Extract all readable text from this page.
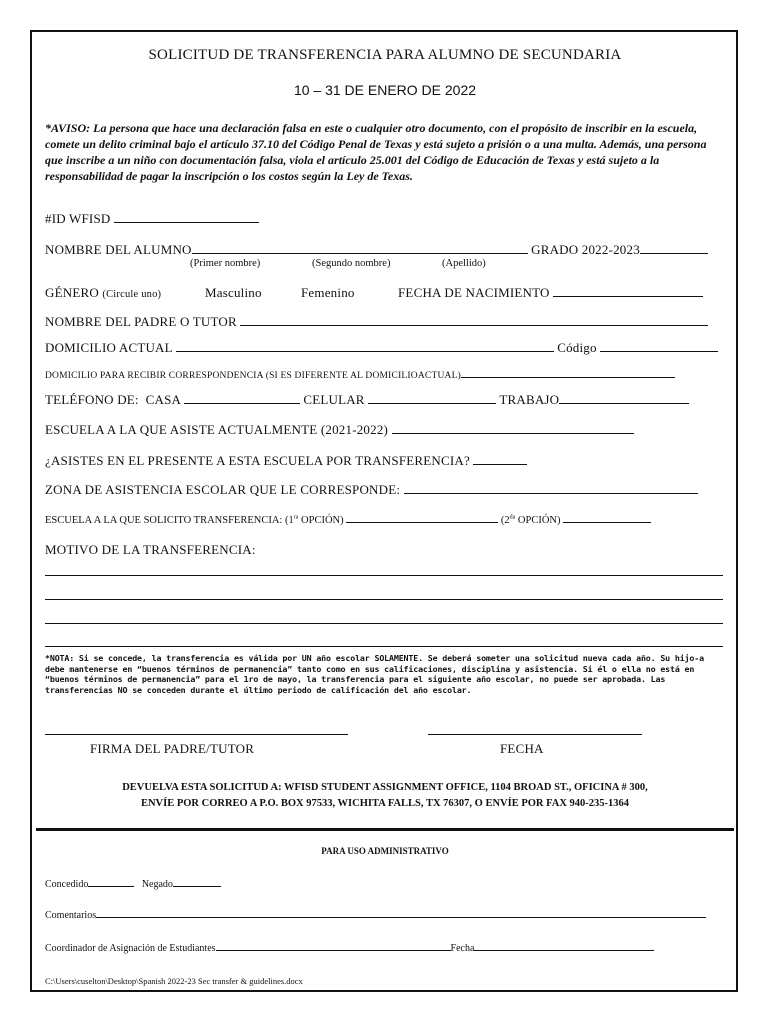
SOLICITUD DE TRANSFERENCIA PARA ALUMNO DE SECUNDARIA
10 – 31 DE ENERO DE 2022
*AVISO: La persona que hace una declaración falsa en este o cualquier otro documento, con el propósito de inscribir en la escuela, comete un delito criminal bajo el artículo 37.10 del Código Penal de Texas y está sujeto a prisión o a una multa. Además, una persona que inscribe a un niño con documentación falsa, viola el artículo 25.001 del Código de Educación de Texas y está sujeto a la responsabilidad de pagar la inscripción o los costos según la Ley de Texas.
#ID WFISD
NOMBRE DEL ALUMNO	GRADO 2022-2023
(Primer nombre)	(Segundo nombre)	(Apellido)
GÉNERO (Circule uno)	Masculino	Femenino	FECHA DE NACIMIENTO
NOMBRE DEL PADRE O TUTOR
DOMICILIO ACTUAL	Código
DOMICILIO PARA RECIBIR CORRESPONDENCIA (SI ES DIFERENTE AL DOMICILIOACTUAL)
TELÉFONO DE: CASA	CELULAR	TRABAJO
ESCUELA A LA QUE ASISTE ACTUALMENTE (2021-2022)
¿ASISTES EN EL PRESENTE A ESTA ESCUELA POR TRANSFERENCIA?
ZONA DE ASISTENCIA ESCOLAR QUE LE CORRESPONDE:
ESCUELA A LA QUE SOLICITO TRANSFERENCIA: ($1^{ra}$ OPCIÓN)	($2^{da}$ OPCIÓN)
MOTIVO DE LA TRANSFERENCIA:
*NOTA: Si se concede, la transferencia es válida por UN año escolar SOLAMENTE. Se deberá someter una solicitud nueva cada año. Su hijo-a debe mantenerse en “buenos términos de permanencia” tanto como en sus calificaciones, disciplina y asistencia. Si él o ella no está en “buenos términos de permanencia” para el 1ro de mayo, la transferencia para el siguiente año escolar, no puede ser aprobada. Las transferencias NO se conceden durante el último periodo de calificación del año escolar.
FIRMA DEL PADRE/TUTOR	FECHA
DEVUELVA ESTA SOLICITUD A: WFISD STUDENT ASSIGNMENT OFFICE, 1104 BROAD ST., OFICINA # 300,
ENVÍE POR CORREO A P.O. BOX 97533, WICHITA FALLS, TX 76307, O ENVÍE POR FAX 940-235-1364
PARA USO ADMINISTRATIVO
Concedido	Negado
Comentarios
Coordinador de Asignación de Estudiantes	Fecha
C:\Users\cuselton\Desktop\Spanish 2022-23 Sec transfer & guidelines.docx
